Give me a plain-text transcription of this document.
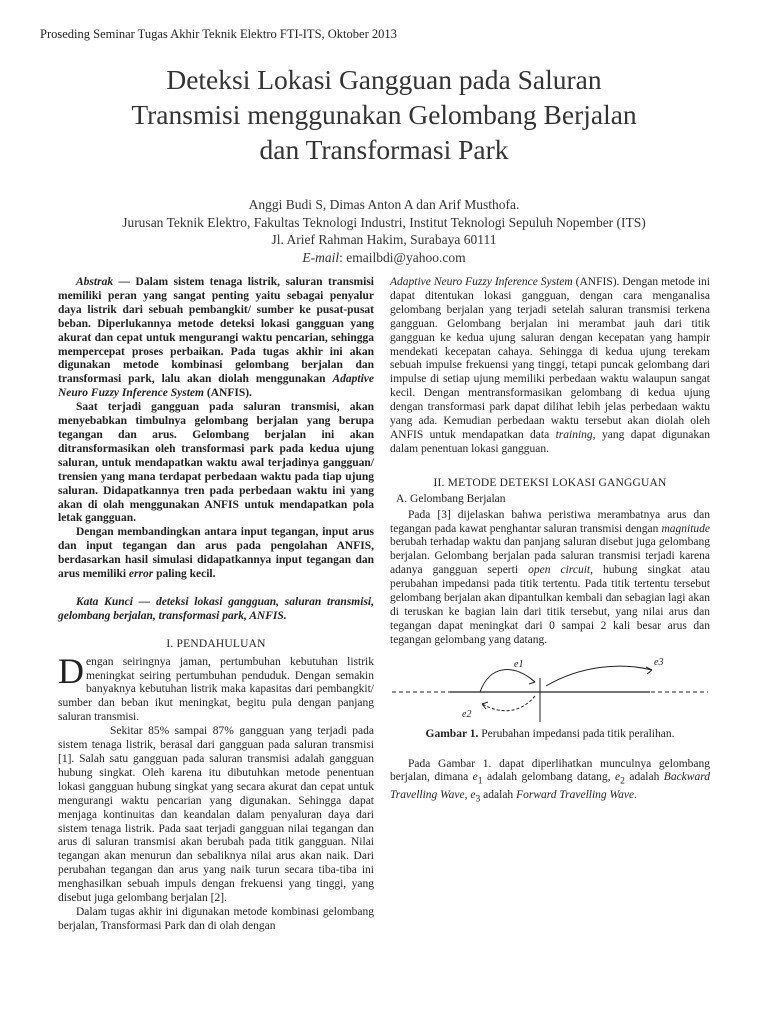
Proseding Seminar Tugas Akhir Teknik Elektro FTI-ITS, Oktober 2013
Deteksi Lokasi Gangguan pada Saluran
Transmisi menggunakan Gelombang Berjalan
dan Transformasi Park
Anggi Budi S, Dimas Anton A dan Arif Musthofa.
Jurusan Teknik Elektro, Fakultas Teknologi Industri, Institut Teknologi Sepuluh Nopember (ITS)
Jl. Arief Rahman Hakim, Surabaya 60111
E-mail: emailbdi@yahoo.com

Abstrak — Dalam sistem tenaga listrik, saluran transmisi memiliki peran yang sangat penting yaitu sebagai penyalur daya listrik dari sebuah pembangkit/ sumber ke pusat-pusat beban. Diperlukannya metode deteksi lokasi gangguan yang akurat dan cepat untuk mengurangi waktu pencarian, sehingga mempercepat proses perbaikan. Pada tugas akhir ini akan digunakan metode kombinasi gelombang berjalan dan transformasi park, lalu akan diolah menggunakan Adaptive Neuro Fuzzy Inference System (ANFIS).

Saat terjadi gangguan pada saluran transmisi, akan menyebabkan timbulnya gelombang berjalan yang berupa tegangan dan arus. Gelombang berjalan ini akan ditransformasikan oleh transformasi park pada kedua ujung saluran, untuk mendapatkan waktu awal terjadinya gangguan/ trensien yang mana terdapat perbedaan waktu pada tiap ujung saluran. Didapatkannya tren pada perbedaan waktu ini yang akan di olah menggunakan ANFIS untuk mendapatkan pola letak gangguan.

Dengan membandingkan antara input tegangan, input arus dan input tegangan dan arus pada pengolahan ANFIS, berdasarkan hasil simulasi didapatkannya input tegangan dan arus memiliki error paling kecil.

Kata Kunci — deteksi lokasi gangguan, saluran transmisi, gelombang berjalan, transformasi park, ANFIS.

I. PENDAHULUAN

Dengan seiringnya jaman, pertumbuhan kebutuhan listrik meningkat seiring pertumbuhan penduduk. Dengan semakin banyaknya kebutuhan listrik maka kapasitas dari pembangkit/ sumber dan beban ikut meningkat, begitu pula dengan panjang saluran transmisi.

Sekitar 85% sampai 87% gangguan yang terjadi pada sistem tenaga listrik, berasal dari gangguan pada saluran transmisi [1]. Salah satu gangguan pada saluran transmisi adalah gangguan hubung singkat. Oleh karena itu dibutuhkan metode penentuan lokasi gangguan hubung singkat yang secara akurat dan cepat untuk mengurangi waktu pencarian yang digunakan. Sehingga dapat menjaga kontinuitas dan keandalan dalam penyaluran daya dari sistem tenaga listrik. Pada saat terjadi gangguan nilai tegangan dan arus di saluran transmisi akan berubah pada titik gangguan. Nilai tegangan akan menurun dan sebaliknya nilai arus akan naik. Dari perubahan tegangan dan arus yang naik turun secara tiba-tiba ini menghasilkan sebuah impuls dengan frekuensi yang tinggi, yang disebut juga gelombang berjalan [2].

Dalam tugas akhir ini digunakan metode kombinasi gelombang berjalan, Transformasi Park dan di olah dengan

Adaptive Neuro Fuzzy Inference System (ANFIS). Dengan metode ini dapat ditentukan lokasi gangguan, dengan cara menganalisa gelombang berjalan yang terjadi setelah saluran transmisi terkena gangguan. Gelombang berjalan ini merambat jauh dari titik gangguan ke kedua ujung saluran dengan kecepatan yang hampir mendekati kecepatan cahaya. Sehingga di kedua ujung terekam sebuah impulse frekuensi yang tinggi, tetapi puncak gelombang dari impulse di setiap ujung memiliki perbedaan waktu walaupun sangat kecil. Dengan mentransformasikan gelombang di kedua ujung dengan transformasi park dapat dilihat lebih jelas perbedaan waktu yang ada. Kemudian perbedaan waktu tersebut akan diolah oleh ANFIS untuk mendapatkan data training, yang dapat digunakan dalam penentuan lokasi gangguan.

II. METODE DETEKSI LOKASI GANGGUAN
A. Gelombang Berjalan

Pada [3] dijelaskan bahwa peristiwa merambatnya arus dan tegangan pada kawat penghantar saluran transmisi dengan magnitude berubah terhadap waktu dan panjang saluran disebut juga gelombang berjalan. Gelombang berjalan pada saluran transmisi terjadi karena adanya gangguan seperti open circuit, hubung singkat atau perubahan impedansi pada titik tertentu. Pada titik tertentu tersebut gelombang berjalan akan dipantulkan kembali dan sebagian lagi akan di teruskan ke bagian lain dari titik tersebut, yang nilai arus dan tegangan dapat meningkat dari 0 sampai 2 kali besar arus dan tegangan gelombang yang datang.

e1
e2
e3
Gambar 1. Perubahan impedansi pada titik peralihan.

Pada Gambar 1. dapat diperlihatkan munculnya gelombang berjalan, dimana $e_1$ adalah gelombang datang, $e_2$ adalah Backward Travelling Wave, $e_3$ adalah Forward Travelling Wave.
